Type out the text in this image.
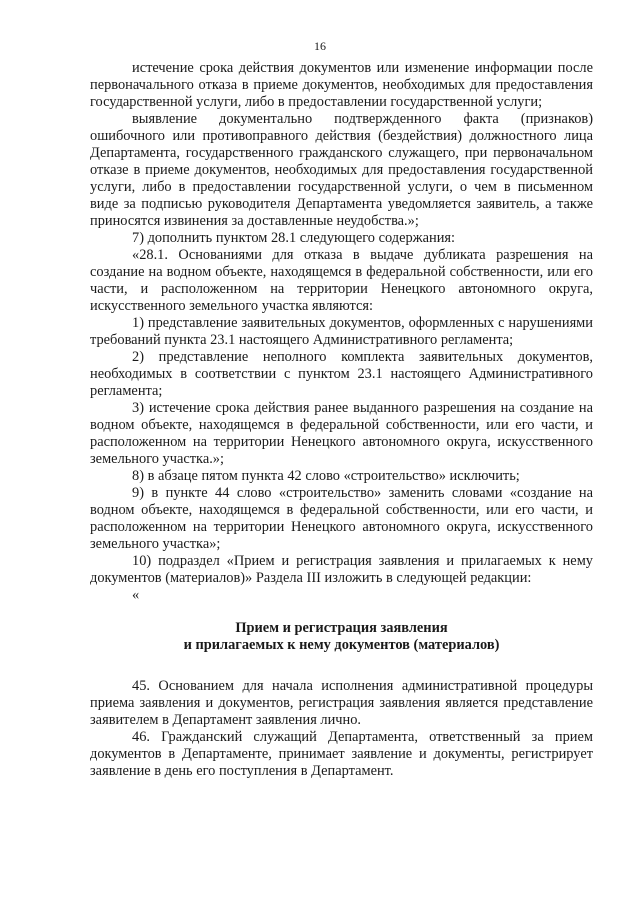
16

истечение срока действия документов или изменение информации после первоначального отказа в приеме документов, необходимых для предоставления государственной услуги, либо в предоставлении государственной услуги;

выявление документально подтвержденного факта (признаков) ошибочного или противоправного действия (бездействия) должностного лица Департамента, государственного гражданского служащего, при первоначальном отказе в приеме документов, необходимых для предоставления государственной услуги, либо в предоставлении государственной услуги, о чем в письменном виде за подписью руководителя Департамента уведомляется заявитель, а также приносятся извинения за доставленные неудобства.»;

7) дополнить пунктом 28.1 следующего содержания:

«28.1. Основаниями для отказа в выдаче дубликата разрешения на создание на водном объекте, находящемся в федеральной собственности, или его части, и расположенном на территории Ненецкого автономного округа, искусственного земельного участка являются:

1) представление заявительных документов, оформленных с нарушениями требований пункта 23.1 настоящего Административного регламента;

2) представление неполного комплекта заявительных документов, необходимых в соответствии с пунктом 23.1 настоящего Административного регламента;

3) истечение срока действия ранее выданного разрешения на создание на водном объекте, находящемся в федеральной собственности, или его части, и расположенном на территории Ненецкого автономного округа, искусственного земельного участка.»;

8) в абзаце пятом пункта 42 слово «строительство» исключить;

9) в пункте 44 слово «строительство» заменить словами «создание на водном объекте, находящемся в федеральной собственности, или его части, и расположенном на территории Ненецкого автономного округа, искусственного земельного участка»;

10) подраздел «Прием и регистрация заявления и прилагаемых к нему документов (материалов)» Раздела III изложить в следующей редакции:

«

Прием и регистрация заявления
и прилагаемых к нему документов (материалов)

45. Основанием для начала исполнения административной процедуры приема заявления и документов, регистрация заявления является представление заявителем в Департамент заявления лично.

46. Гражданский служащий Департамента, ответственный за прием документов в Департаменте, принимает заявление и документы, регистрирует заявление в день его поступления в Департамент.
